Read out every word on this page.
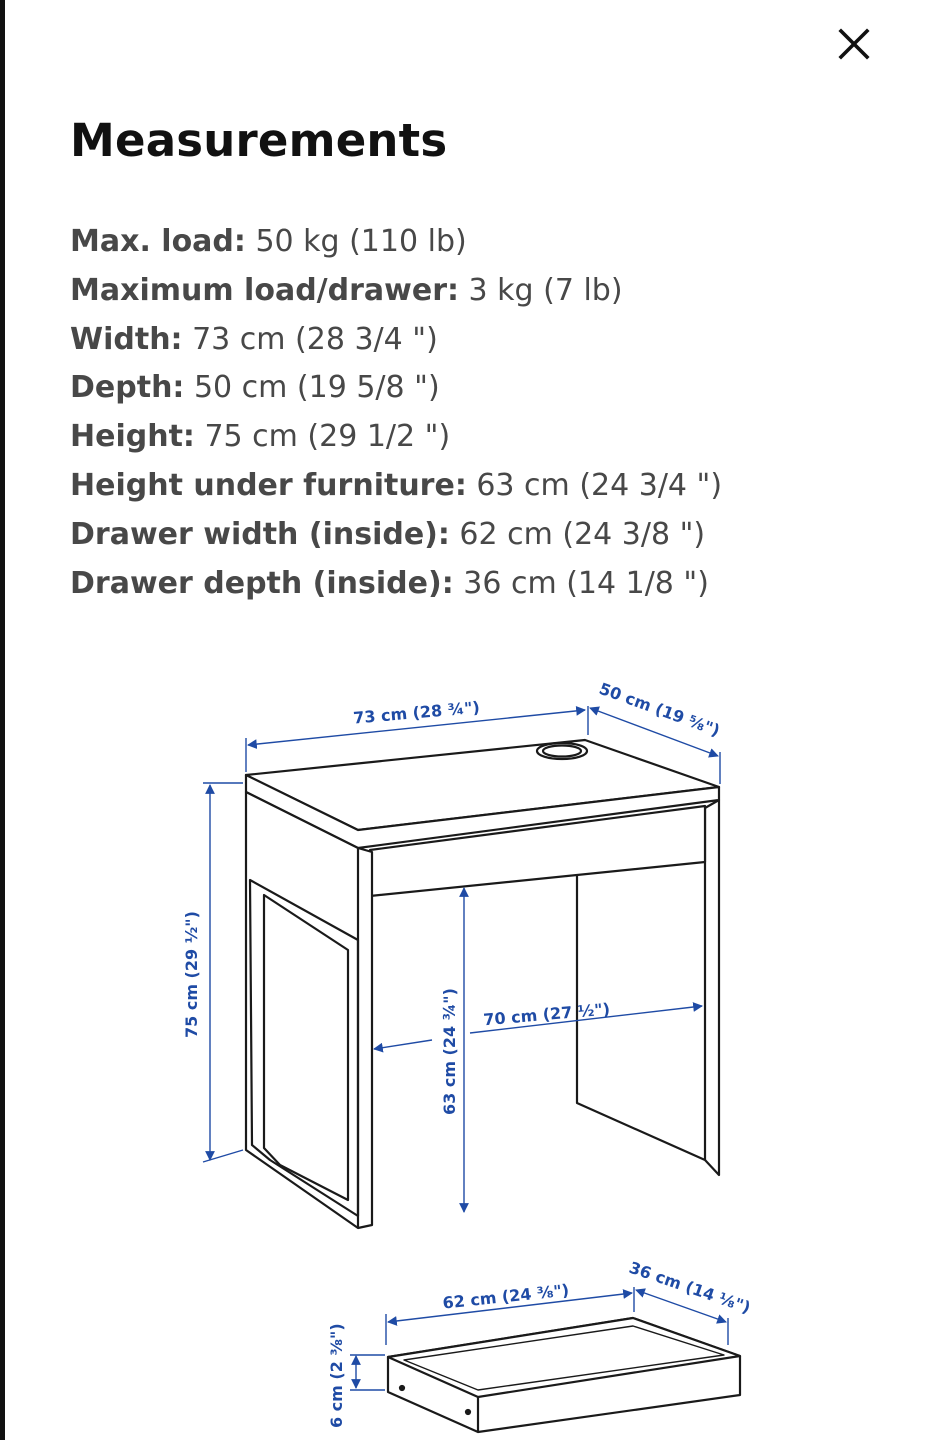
Measurements
Max. load: 50 kg (110 lb)
Maximum load/drawer: 3 kg (7 lb)
Width: 73 cm (28 3/4 ")
Depth: 50 cm (19 5/8 ")
Height: 75 cm (29 1/2 ")
Height under furniture: 63 cm (24 3/4 ")
Drawer width (inside): 62 cm (24 3/8 ")
Drawer depth (inside): 36 cm (14 1/8 ")
73 cm (28 ¾")	50 cm (19 ⅝")
75 cm (29 ½")
63 cm (24 ¾") 70 cm (27 ½")
62 cm (24 ⅜")	36 cm (14 ⅛")
6 cm (2 ⅜")
